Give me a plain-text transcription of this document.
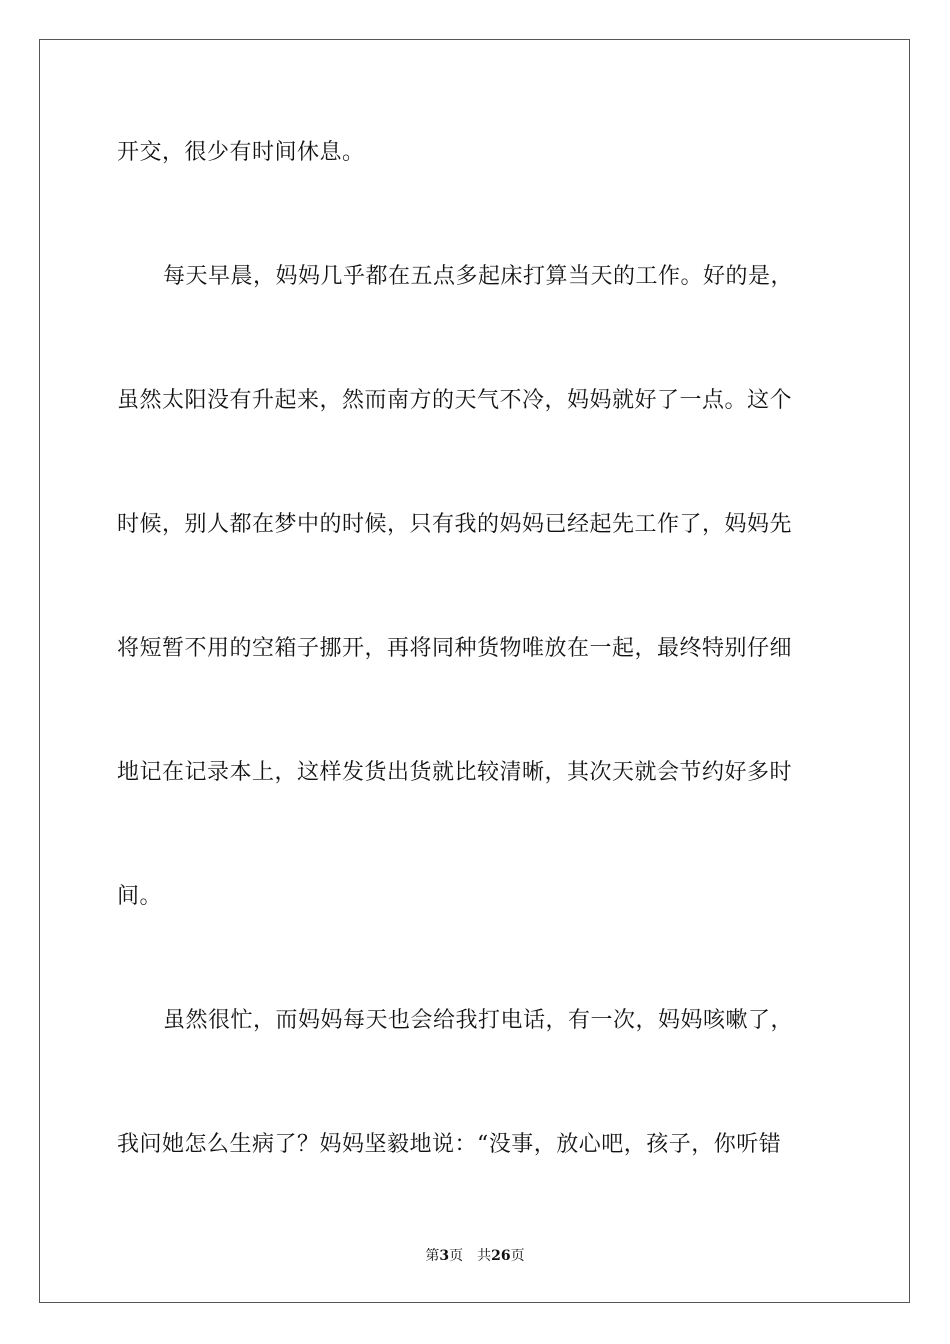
开交，很少有时间休息。
每天早晨，妈妈几乎都在五点多起床打算当天的工作。好的是，
虽然太阳没有升起来，然而南方的天气不冷，妈妈就好了一点。这个
时候，别人都在梦中的时候，只有我的妈妈已经起先工作了，妈妈先
将短暂不用的空箱子挪开，再将同种货物唯放在一起，最终特别仔细
地记在记录本上，这样发货出货就比较清晰，其次天就会节约好多时
间。
虽然很忙，而妈妈每天也会给我打电话，有一次，妈妈咳嗽了，
我问她怎么生病了？妈妈坚毅地说：“没事，放心吧，孩子，你听错
第3页 共26页
